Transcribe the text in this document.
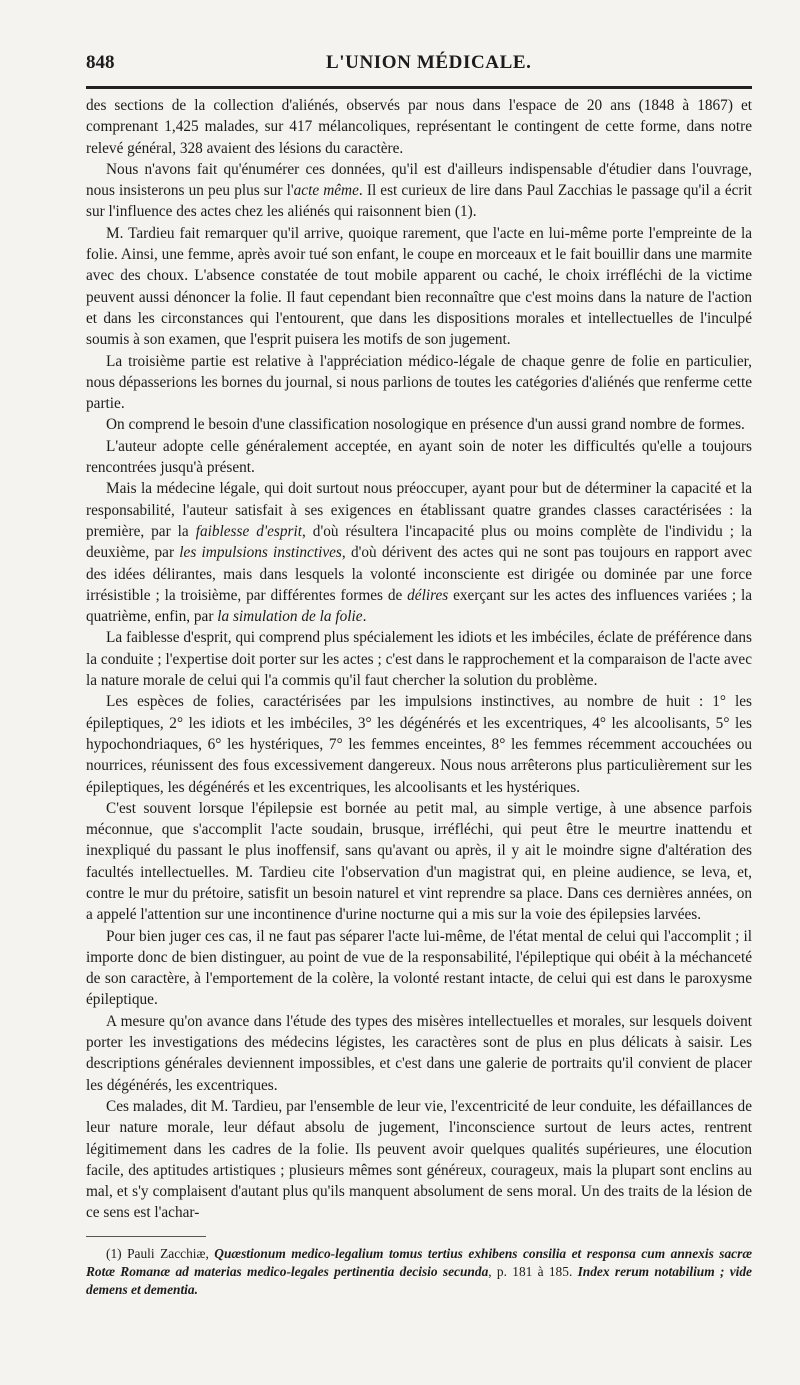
848	L'UNION MÉDICALE.

des sections de la collection d'aliénés, observés par nous dans l'espace de 20 ans (1848 à 1867) et comprenant 1,425 malades, sur 417 mélancoliques, représentant le contingent de cette forme, dans notre relevé général, 328 avaient des lésions du caractère.

Nous n'avons fait qu'énumérer ces données, qu'il est d'ailleurs indispensable d'étudier dans l'ouvrage, nous insisterons un peu plus sur l'acte même. Il est curieux de lire dans Paul Zacchias le passage qu'il a écrit sur l'influence des actes chez les aliénés qui raisonnent bien (1).

M. Tardieu fait remarquer qu'il arrive, quoique rarement, que l'acte en lui-même porte l'empreinte de la folie. Ainsi, une femme, après avoir tué son enfant, le coupe en morceaux et le fait bouillir dans une marmite avec des choux. L'absence constatée de tout mobile apparent ou caché, le choix irréfléchi de la victime peuvent aussi dénoncer la folie. Il faut cependant bien reconnaître que c'est moins dans la nature de l'action et dans les circonstances qui l'entourent, que dans les dispositions morales et intellectuelles de l'inculpé soumis à son examen, que l'esprit puisera les motifs de son jugement.

La troisième partie est relative à l'appréciation médico-légale de chaque genre de folie en particulier, nous dépasserions les bornes du journal, si nous parlions de toutes les catégories d'aliénés que renferme cette partie.

On comprend le besoin d'une classification nosologique en présence d'un aussi grand nombre de formes.

L'auteur adopte celle généralement acceptée, en ayant soin de noter les difficultés qu'elle a toujours rencontrées jusqu'à présent.

Mais la médecine légale, qui doit surtout nous préoccuper, ayant pour but de déterminer la capacité et la responsabilité, l'auteur satisfait à ses exigences en établissant quatre grandes classes caractérisées : la première, par la faiblesse d'esprit, d'où résultera l'incapacité plus ou moins complète de l'individu ; la deuxième, par les impulsions instinctives, d'où dérivent des actes qui ne sont pas toujours en rapport avec des idées délirantes, mais dans lesquels la volonté inconsciente est dirigée ou dominée par une force irrésistible ; la troisième, par différentes formes de délires exerçant sur les actes des influences variées ; la quatrième, enfin, par la simulation de la folie.

La faiblesse d'esprit, qui comprend plus spécialement les idiots et les imbéciles, éclate de préférence dans la conduite ; l'expertise doit porter sur les actes ; c'est dans le rapprochement et la comparaison de l'acte avec la nature morale de celui qui l'a commis qu'il faut chercher la solution du problème.

Les espèces de folies, caractérisées par les impulsions instinctives, au nombre de huit : 1° les épileptiques, 2° les idiots et les imbéciles, 3° les dégénérés et les excentriques, 4° les alcoolisants, 5° les hypochondriaques, 6° les hystériques, 7° les femmes enceintes, 8° les femmes récemment accouchées ou nourrices, réunissent des fous excessivement dangereux. Nous nous arrêterons plus particulièrement sur les épileptiques, les dégénérés et les excentriques, les alcoolisants et les hystériques.

C'est souvent lorsque l'épilepsie est bornée au petit mal, au simple vertige, à une absence parfois méconnue, que s'accomplit l'acte soudain, brusque, irréfléchi, qui peut être le meurtre inattendu et inexpliqué du passant le plus inoffensif, sans qu'avant ou après, il y ait le moindre signe d'altération des facultés intellectuelles. M. Tardieu cite l'observation d'un magistrat qui, en pleine audience, se leva, et, contre le mur du prétoire, satisfit un besoin naturel et vint reprendre sa place. Dans ces dernières années, on a appelé l'attention sur une incontinence d'urine nocturne qui a mis sur la voie des épilepsies larvées.

Pour bien juger ces cas, il ne faut pas séparer l'acte lui-même, de l'état mental de celui qui l'accomplit ; il importe donc de bien distinguer, au point de vue de la responsabilité, l'épileptique qui obéit à la méchanceté de son caractère, à l'emportement de la colère, la volonté restant intacte, de celui qui est dans le paroxysme épileptique.

A mesure qu'on avance dans l'étude des types des misères intellectuelles et morales, sur lesquels doivent porter les investigations des médecins légistes, les caractères sont de plus en plus délicats à saisir. Les descriptions générales deviennent impossibles, et c'est dans une galerie de portraits qu'il convient de placer les dégénérés, les excentriques.

Ces malades, dit M. Tardieu, par l'ensemble de leur vie, l'excentricité de leur conduite, les défaillances de leur nature morale, leur défaut absolu de jugement, l'inconscience surtout de leurs actes, rentrent légitimement dans les cadres de la folie. Ils peuvent avoir quelques qualités supérieures, une élocution facile, des aptitudes artistiques ; plusieurs mêmes sont généreux, courageux, mais la plupart sont enclins au mal, et s'y complaisent d'autant plus qu'ils manquent absolument de sens moral. Un des traits de la lésion de ce sens est l'achar-

(1) Pauli Zacchiæ, Quæstionum medico-legalium tomus tertius exhibens consilia et responsa cum annexis sacræ Rotæ Romanæ ad materias medico-legales pertinentia decisio secunda, p. 181 à 185. Index rerum notabilium ; vide demens et dementia.
